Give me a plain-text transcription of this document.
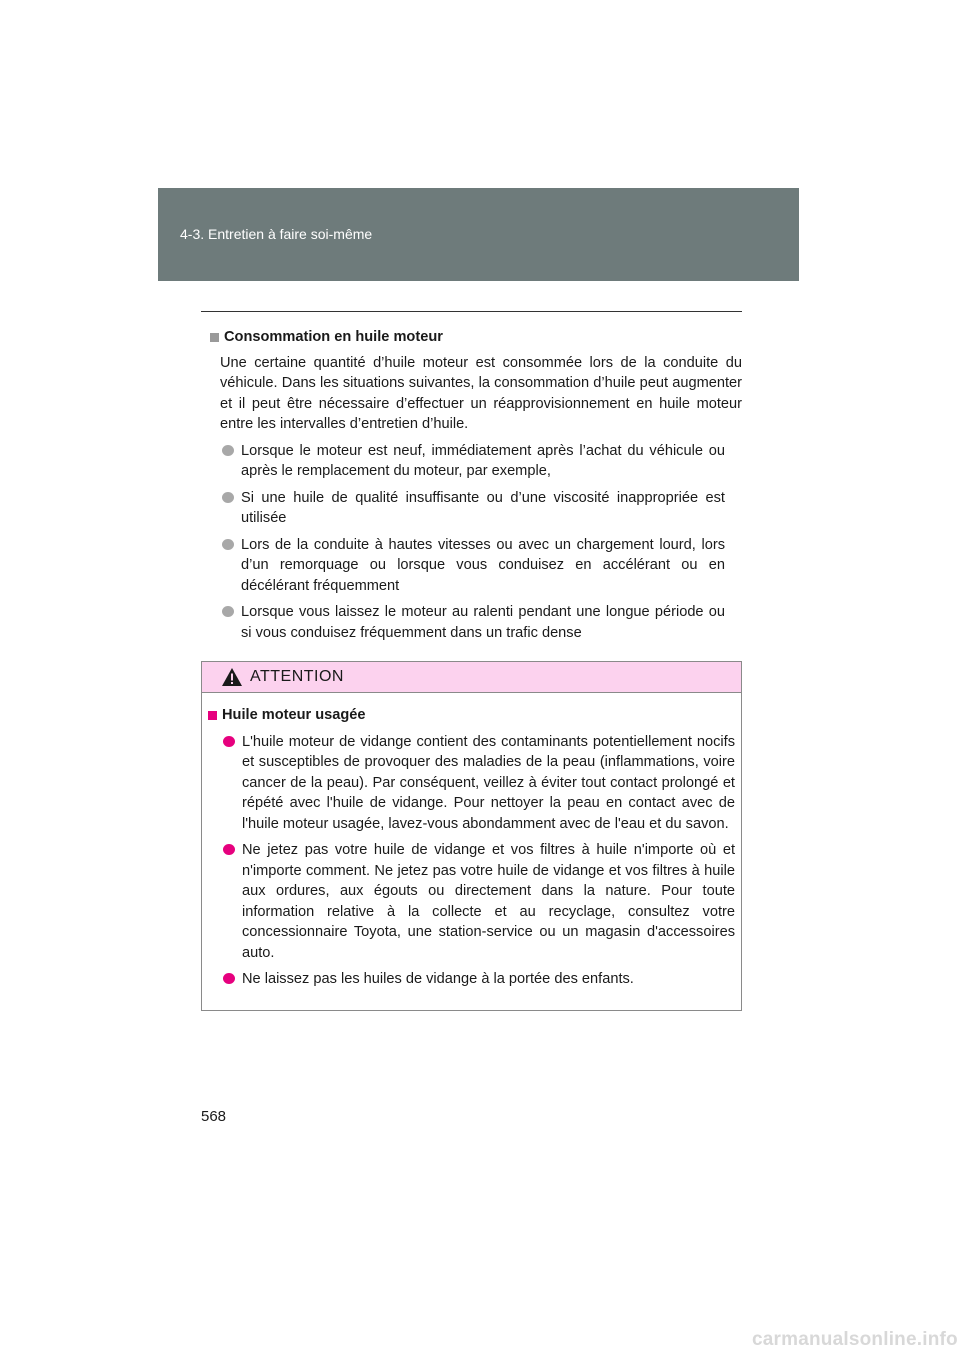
4-3. Entretien à faire soi-même
Consommation en huile moteur
Une certaine quantité d’huile moteur est consommée lors de la conduite du véhicule. Dans les situations suivantes, la consommation d’huile peut augmenter et il peut être nécessaire d’effectuer un réapprovisionnement en huile moteur entre les intervalles d’entretien d’huile.
Lorsque le moteur est neuf, immédiatement après l’achat du véhicule ou après le remplacement du moteur, par exemple,
Si une huile de qualité insuffisante ou d’une viscosité inappropriée est utilisée
Lors de la conduite à hautes vitesses ou avec un chargement lourd, lors d’un remorquage ou lorsque vous conduisez en accélérant ou en décélérant fréquemment
Lorsque vous laissez le moteur au ralenti pendant une longue période ou si vous conduisez fréquemment dans un trafic dense
ATTENTION
Huile moteur usagée
L'huile moteur de vidange contient des contaminants potentiellement nocifs et susceptibles de provoquer des maladies de la peau (inflammations, voire cancer de la peau). Par conséquent, veillez à éviter tout contact prolongé et répété avec l'huile de vidange. Pour nettoyer la peau en contact avec de l'huile moteur usagée, lavez-vous abondamment avec de l'eau et du savon.
Ne jetez pas votre huile de vidange et vos filtres à huile n'importe où et n'importe comment. Ne jetez pas votre huile de vidange et vos filtres à huile aux ordures, aux égouts ou directement dans la nature. Pour toute information relative à la collecte et au recyclage, consultez votre concessionnaire Toyota, une station-service ou un magasin d'accessoires auto.
Ne laissez pas les huiles de vidange à la portée des enfants.
568
carmanualsonline.info
